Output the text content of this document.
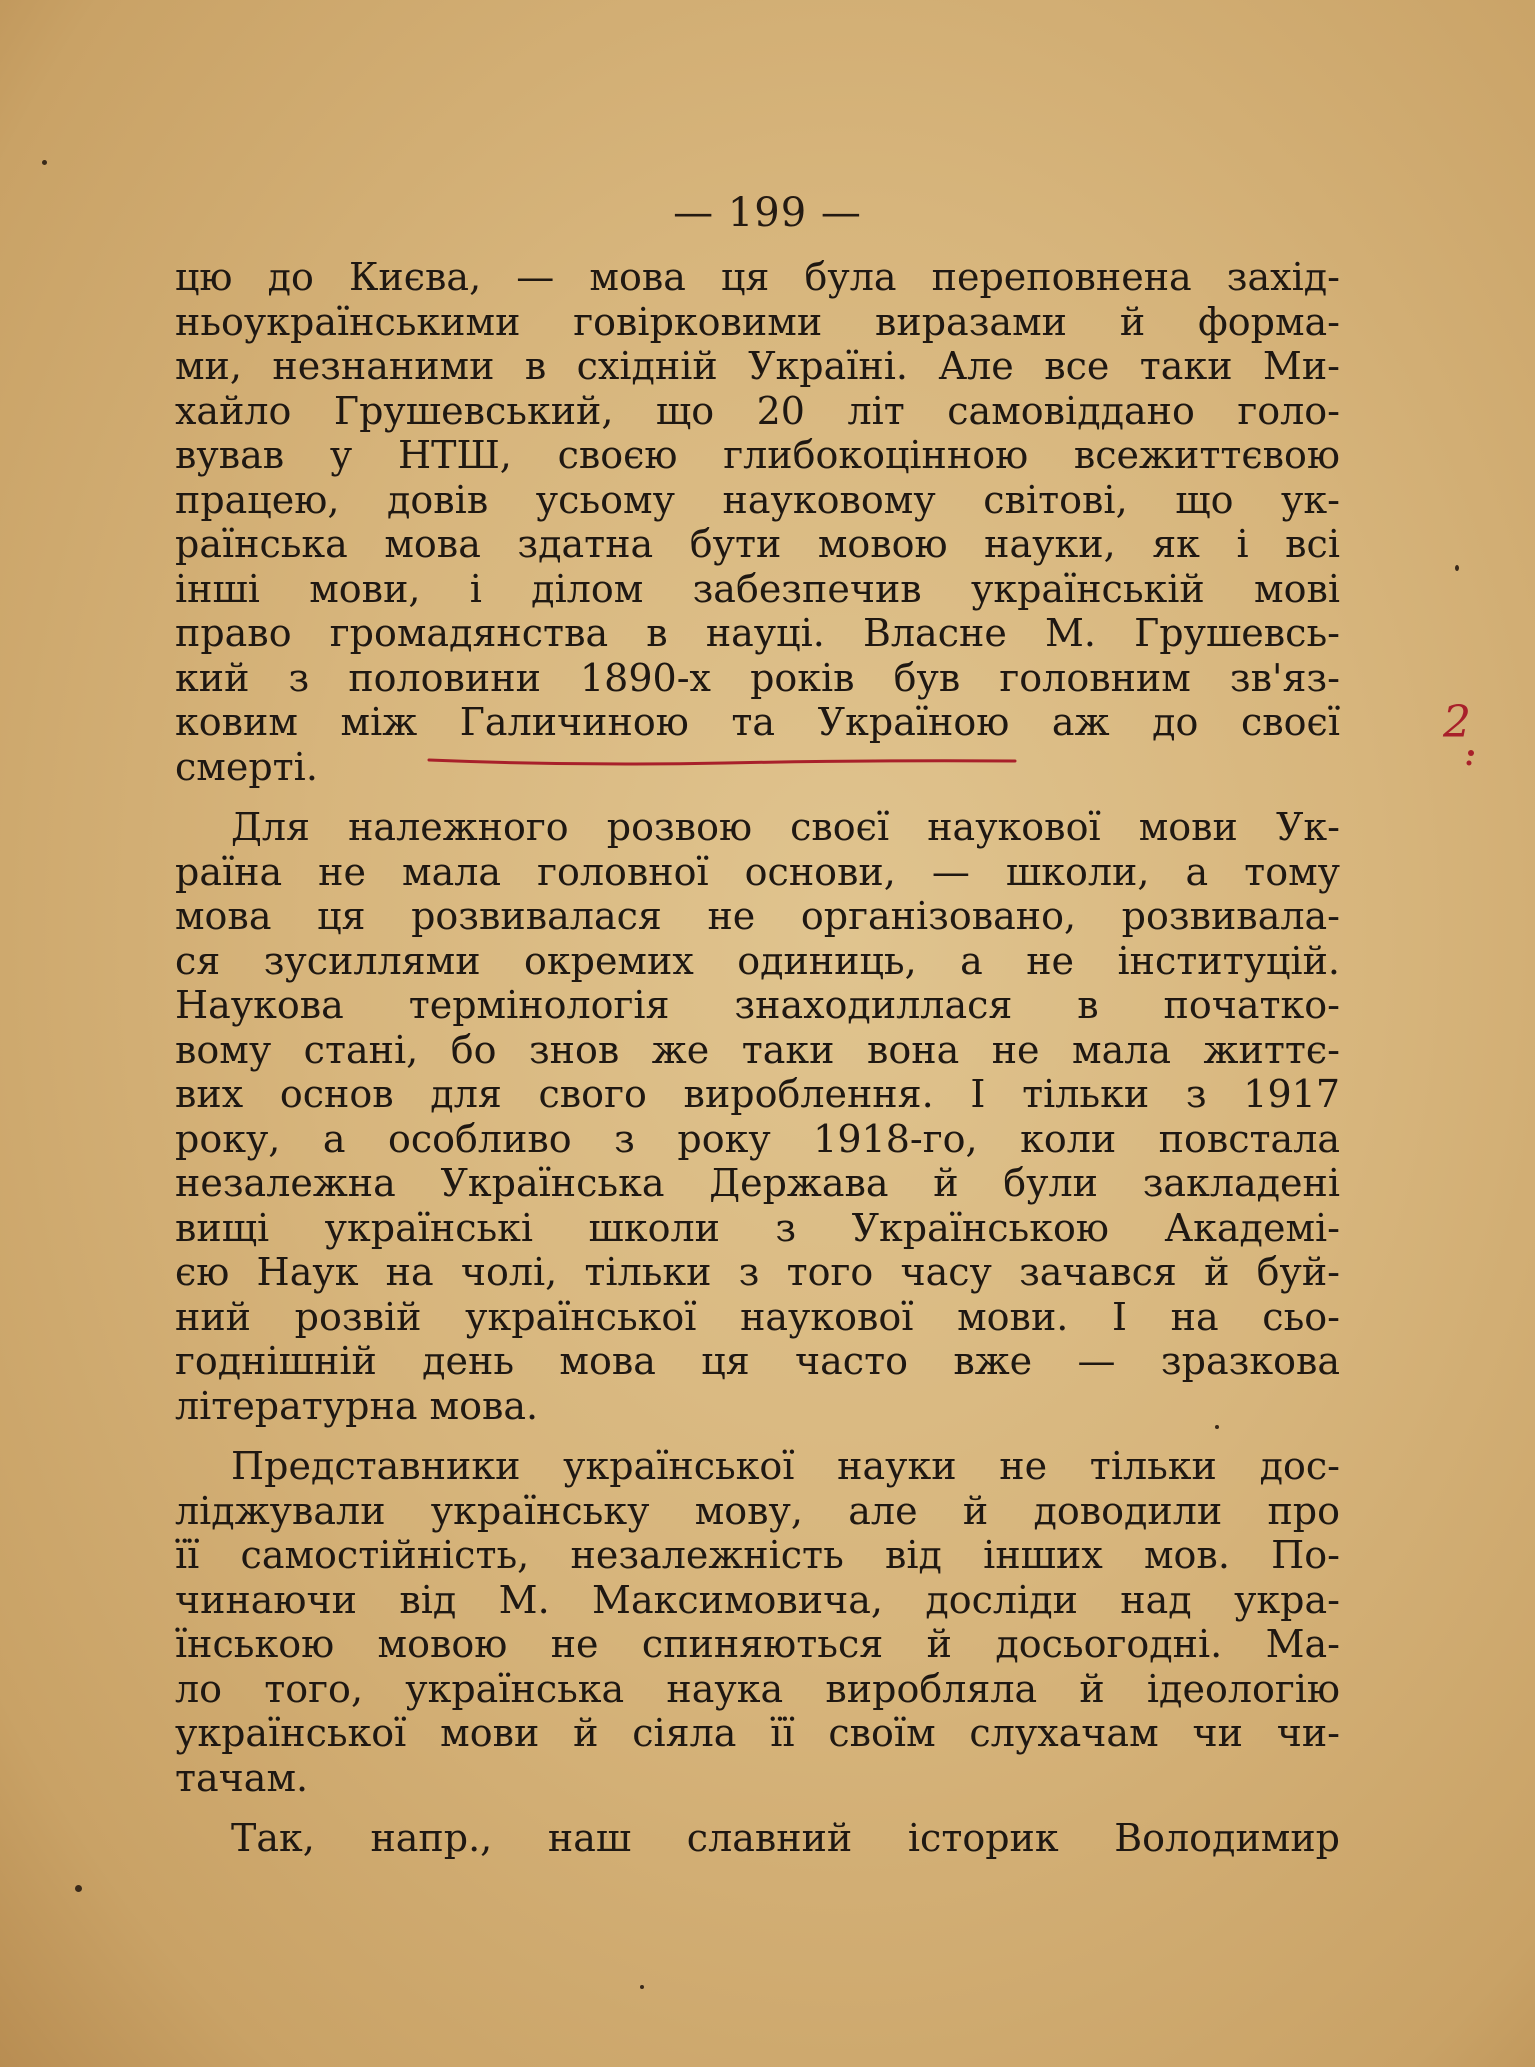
— 199 —
цю до Києва, — мова ця була переповнена захід-
ньоукраїнськими говірковими виразами й форма-
ми, незнаними в східній Україні. Але все таки Ми-
хайло Грушевський, що 20 літ самовіддано голо-
вував у НТШ, своєю глибокоцінною всежиттєвою
працею, довів усьому науковому світові, що ук-
раїнська мова здатна бути мовою науки, як і всі
інші мови, і ділом забезпечив українській мові
право громадянства в науці. Власне М. Грушевсь-
кий з половини 1890-х років був головним зв'яз-
ковим між Галичиною та Україною аж до своєї
смерті.
Для належного розвою своєї наукової мови Ук-
раїна не мала головної основи, — школи, а тому
мова ця розвивалася не організовано, розвивала-
ся зусиллями окремих одиниць, а не інституцій.
Наукова термінологія знаходиллася в початко-
вому стані, бо знов же таки вона не мала життє-
вих основ для свого вироблення. І тільки з 1917
року, а особливо з року 1918-го, коли повстала
незалежна Українська Держава й були закладені
вищі українські школи з Українською Академі-
єю Наук на чолі, тільки з того часу зачався й буй-
ний розвій української наукової мови. І на сьо-
годнішній день мова ця часто вже — зразкова
літературна мова.
Представники української науки не тільки дос-
ліджували українську мову, але й доводили про
її самостійність, незалежність від інших мов. По-
чинаючи від М. Максимовича, досліди над укра-
їнською мовою не спиняються й досьогодні. Ма-
ло того, українська наука виробляла й ідеологію
української мови й сіяла її своїм слухачам чи чи-
тачам.
Так, напр., наш славний історик Володимир
2
